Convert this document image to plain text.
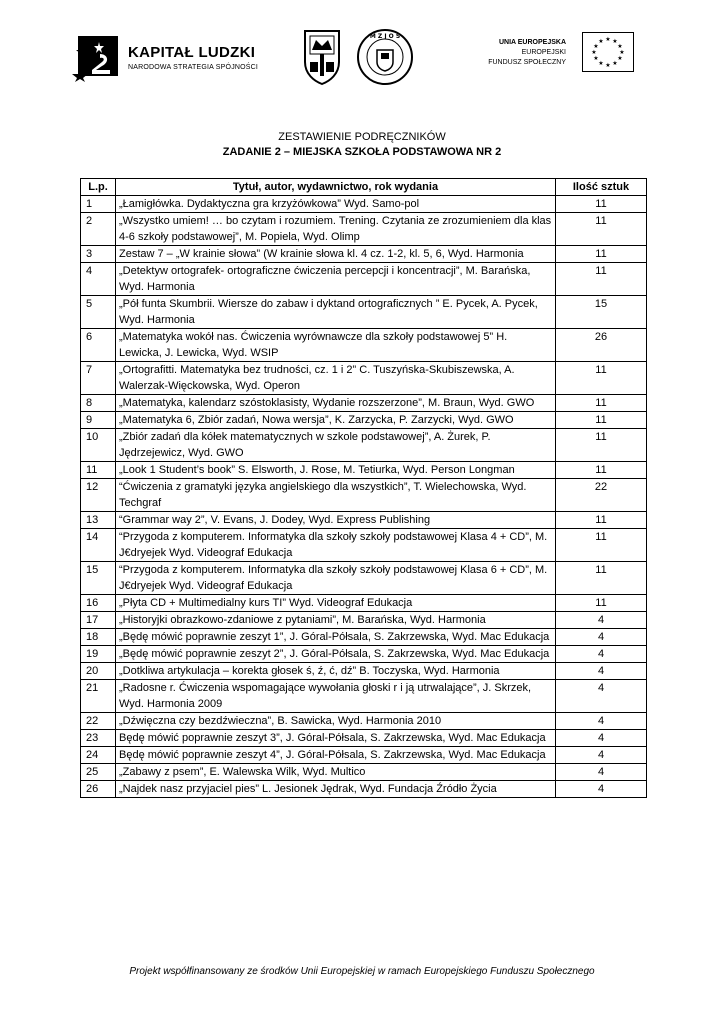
KAPITAŁ LUDZKI
NARODOWA STRATEGIA SPÓJNOŚCI
M Z J O S
UNIA EUROPEJSKA
EUROPEJSKI
FUNDUSZ SPOŁECZNY
★ ★
★
★
★
★
★
★
★
★
★
★
ZESTAWIENIE PODRĘCZNIKÓW
ZADANIE 2 – MIEJSKA SZKOŁA PODSTAWOWA NR 2
L.p.	Tytuł, autor, wydawnictwo, rok wydania	Ilość sztuk
1	„Łamigłówka. Dydaktyczna gra krzyżówkowa” Wyd. Samo-pol	11
2	„Wszystko umiem! … bo czytam i rozumiem. Trening. Czytania ze zrozumieniem dla klas 4-6 szkoły podstawowej”, M. Popiela, Wyd. Olimp	11
3	Zestaw 7 – „W krainie słowa” (W krainie słowa kl. 4 cz. 1-2, kl. 5, 6, Wyd. Harmonia	11
4	„Detektyw ortografek- ortograficzne ćwiczenia percepcji i koncentracji”, M. Barańska, Wyd. Harmonia	11
5	„Pół funta Skumbrii. Wiersze do zabaw i dyktand ortograficznych ” E. Pycek, A. Pycek, Wyd. Harmonia	15
6	„Matematyka wokół nas. Ćwiczenia wyrównawcze dla szkoły podstawowej 5” H. Lewicka, J. Lewicka, Wyd. WSIP	26
7	„Ortografitti. Matematyka bez trudności, cz. 1 i 2” C. Tuszyńska-Skubiszewska, A. Walerzak-Więckowska, Wyd. Operon	11
8	„Matematyka, kalendarz szóstoklasisty, Wydanie rozszerzone”, M. Braun, Wyd. GWO	11
9	„Matematyka 6, Zbiór zadań, Nowa wersja”, K. Zarzycka, P. Zarzycki, Wyd. GWO	11
10	„Zbiór zadań dla kółek matematycznych w szkole podstawowej”, A. Żurek, P. Jędrzejewicz, Wyd. GWO	11
11	„Look 1 Student’s book” S. Elsworth, J. Rose, M. Tetiurka, Wyd. Person Longman	11
12	“Ćwiczenia z gramatyki języka angielskiego dla wszystkich”, T. Wielechowska, Wyd. Techgraf	22
13	“Grammar way 2”, V. Evans, J. Dodey, Wyd. Express Publishing	11
14	“Przygoda z komputerem. Informatyka dla szkoły szkoły podstawowej Klasa 4 + CD”, M. J€dryejek Wyd. Videograf Edukacja	11
15	“Przygoda z komputerem. Informatyka dla szkoły szkoły podstawowej Klasa 6 + CD”, M. J€dryejek Wyd. Videograf Edukacja	11
16	„Płyta CD + Multimedialny kurs TI” Wyd. Videograf Edukacja	11
17	„Historyjki obrazkowo-zdaniowe z pytaniami”, M. Barańska, Wyd. Harmonia	4
18	„Będę mówić poprawnie zeszyt 1”, J. Góral-Półsala, S. Zakrzewska, Wyd. Mac Edukacja	4
19	„Będę mówić poprawnie zeszyt 2”, J. Góral-Półsala, S. Zakrzewska, Wyd. Mac Edukacja	4
20	„Dotkliwa artykulacja – korekta głosek ś, ź, ć, dź” B. Toczyska, Wyd. Harmonia	4
21	„Radosne r. Ćwiczenia wspomagające wywołania głoski r i ją utrwalające”, J. Skrzek, Wyd. Harmonia 2009	4
22	„Dźwięczna czy bezdźwieczna”, B. Sawicka, Wyd. Harmonia 2010	4
23	Będę mówić poprawnie zeszyt 3”, J. Góral-Półsala, S. Zakrzewska, Wyd. Mac Edukacja	4
24	Będę mówić poprawnie zeszyt 4”, J. Góral-Półsala, S. Zakrzewska, Wyd. Mac Edukacja	4
25	„Zabawy z psem”, E. Walewska Wilk, Wyd. Multico	4
26	„Najdek nasz przyjaciel pies” L. Jesionek Jędrak, Wyd. Fundacja Źródło Życia	4
Projekt współfinansowany ze środków Unii Europejskiej w ramach Europejskiego Funduszu Społecznego
